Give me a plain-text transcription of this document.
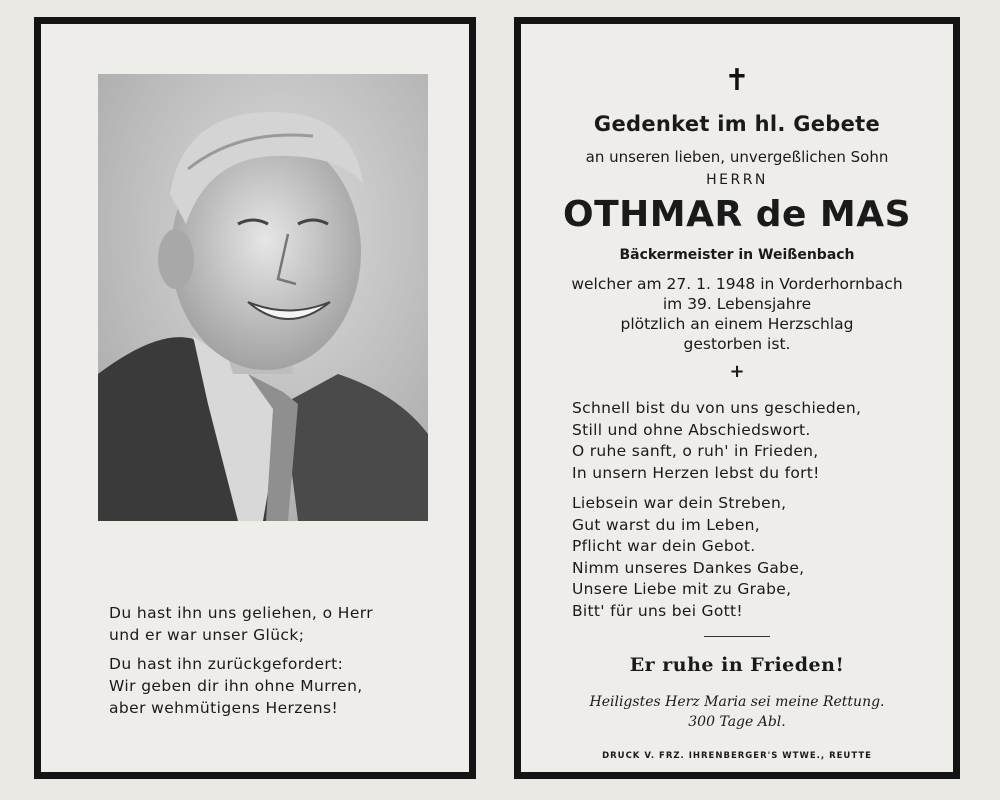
Du hast ihn uns geliehen, o Herr

und er war unser Glück;

Du hast ihn zurückgefordert:

Wir geben dir ihn ohne Murren,

aber wehmütigens Herzens!

✝
Gedenket im hl. Gebete
an unseren lieben, unvergeßlichen Sohn
HERRN
OTHMAR de MAS
Bäckermeister in Weißenbach

welcher am 27. 1. 1948 in Vorderhornbach

im 39. Lebensjahre

plötzlich an einem Herzschlag

gestorben ist.

+

Schnell bist du von uns geschieden,

Still und ohne Abschiedswort.

O ruhe sanft, o ruh' in Frieden,

In unsern Herzen lebst du fort!

Liebsein war dein Streben,

Gut warst du im Leben,

Pflicht war dein Gebot.

Nimm unseres Dankes Gabe,

Unsere Liebe mit zu Grabe,

Bitt' für uns bei Gott!

Er ruhe in Frieden!
Heiligstes Herz Maria sei meine Rettung.
300 Tage Abl.
DRUCK V. FRZ. IHRENBERGER'S WTWE., REUTTE
